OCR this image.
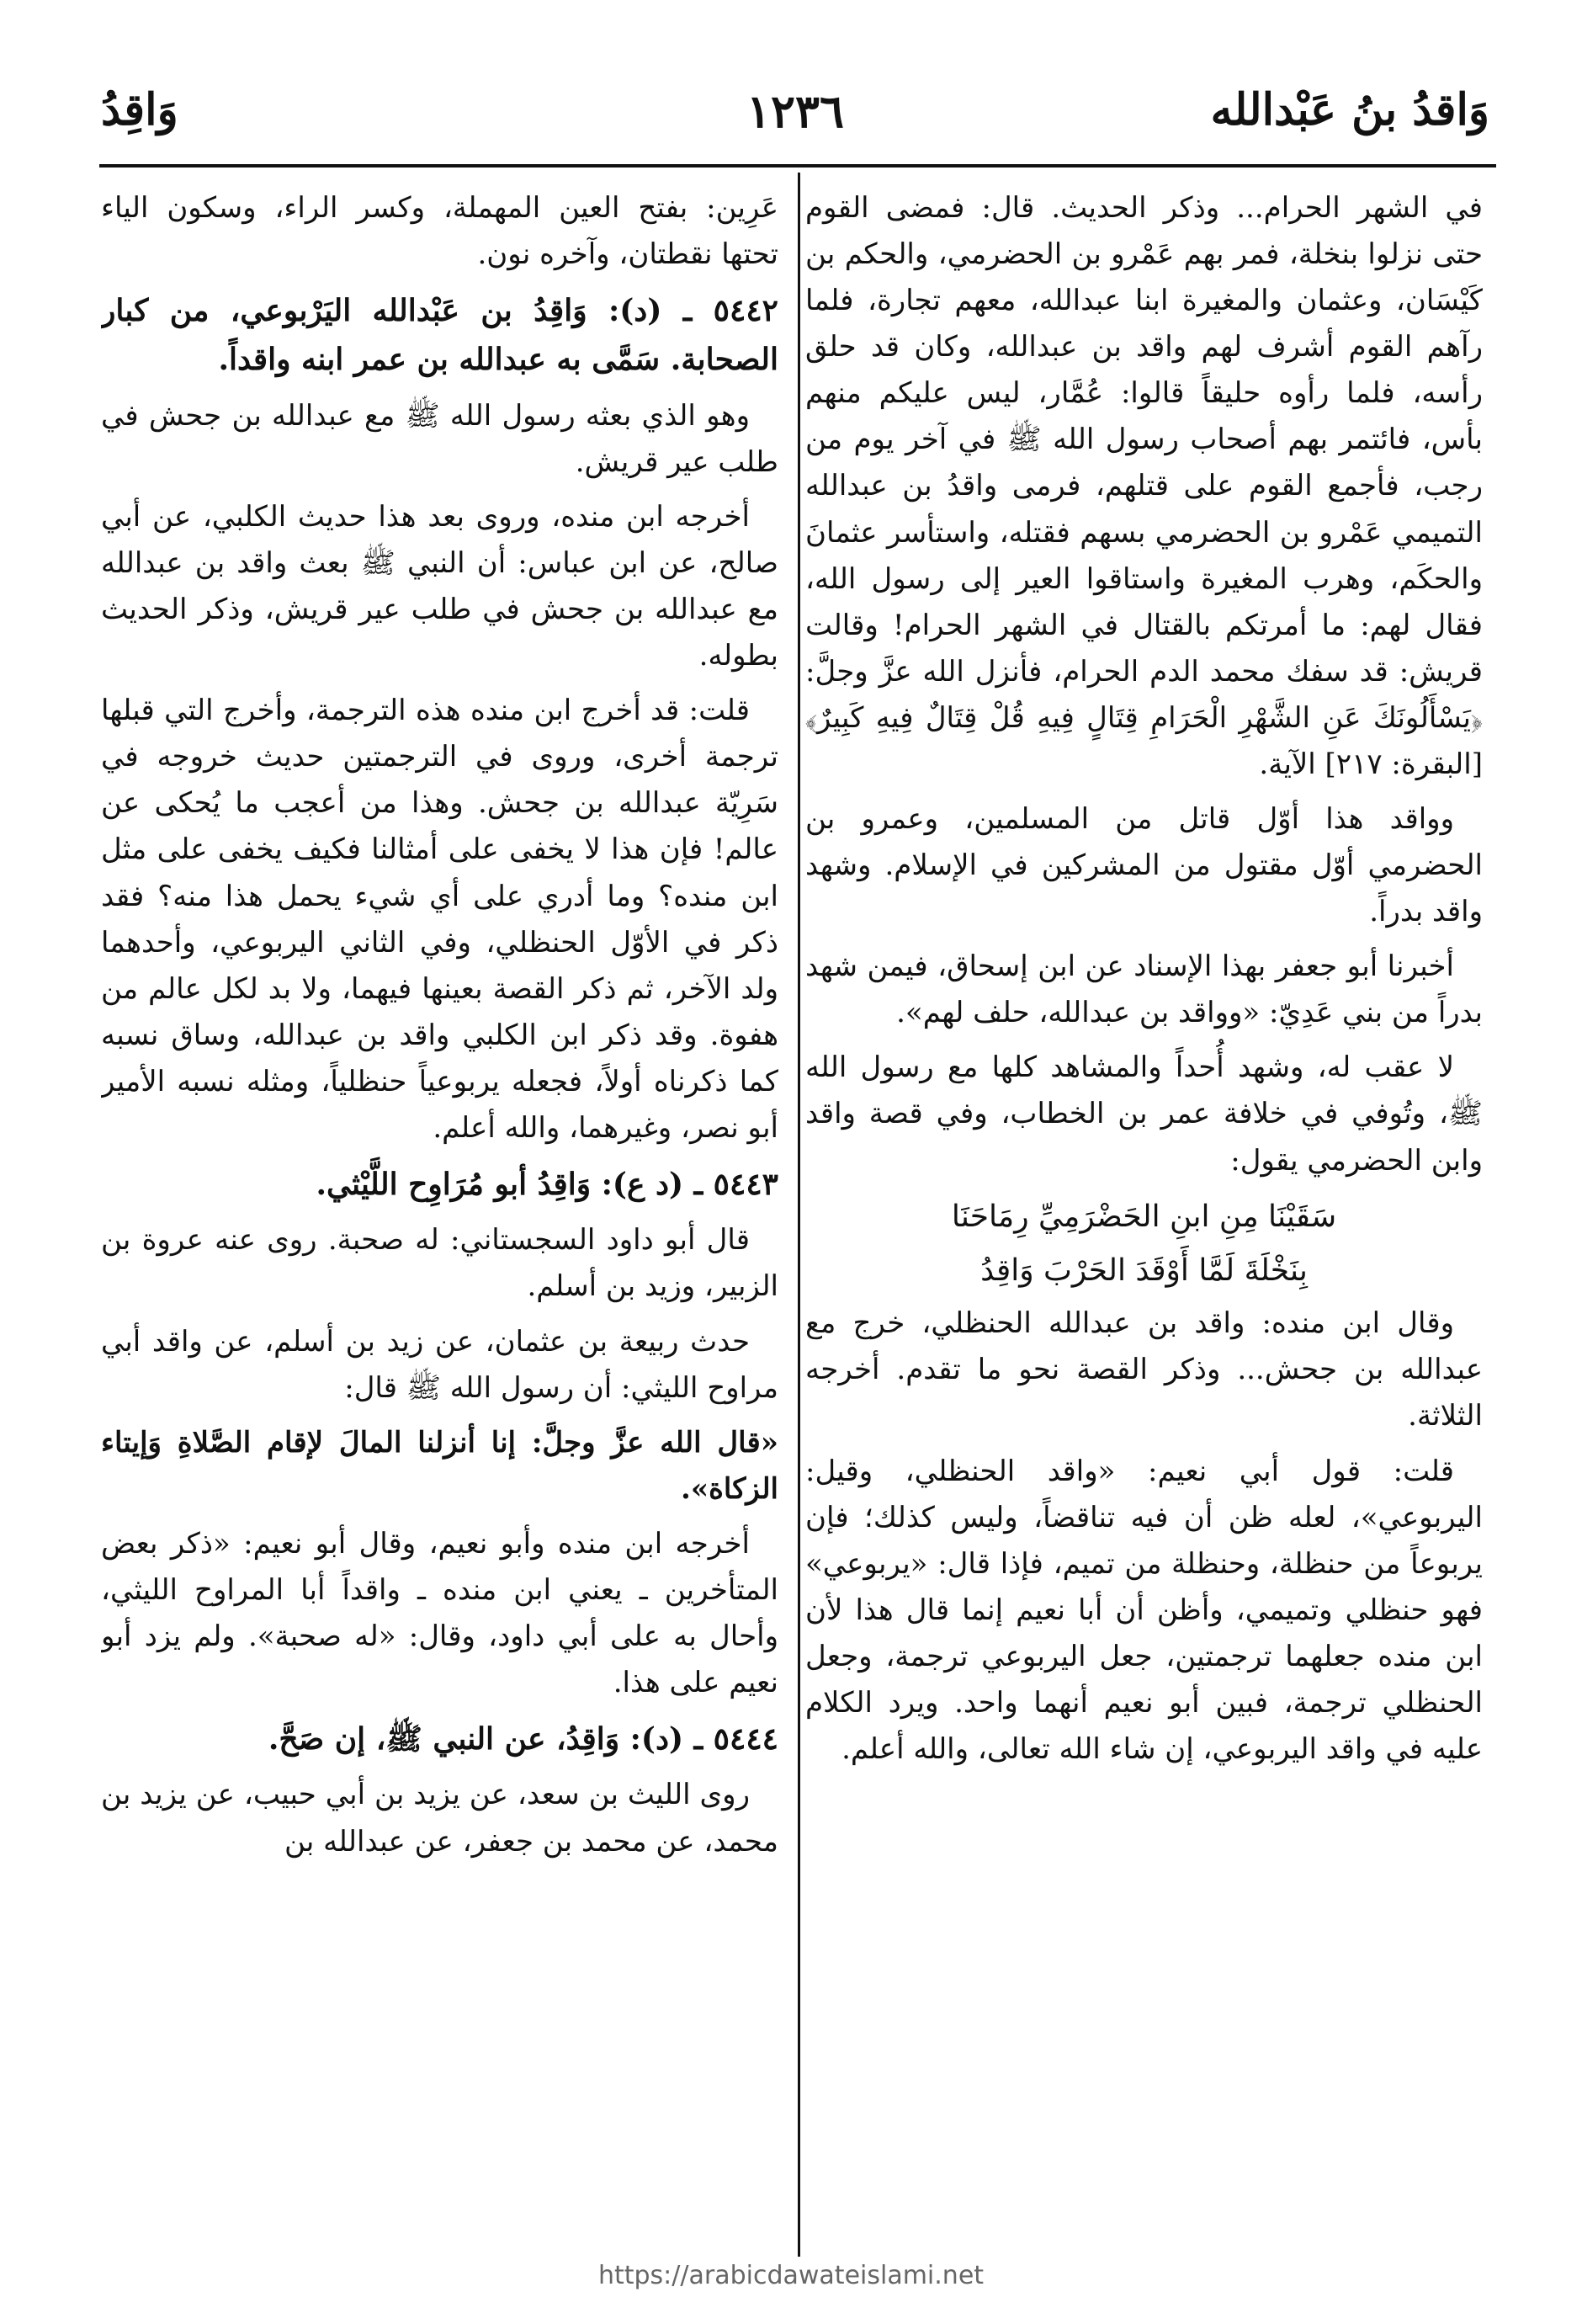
وَاقدُ بنُ عَبْدالله
١٢٣٦
وَاقِدُ

في الشهر الحرام... وذكر الحديث. قال: فمضى القوم حتى نزلوا بنخلة، فمر بهم عَمْرو بن الحضرمي، والحكم بن كَيْسَان، وعثمان والمغيرة ابنا عبدالله، معهم تجارة، فلما رآهم القوم أشرف لهم واقد بن عبدالله، وكان قد حلق رأسه، فلما رأوه حليقاً قالوا: عُمَّار، ليس عليكم منهم بأس، فائتمر بهم أصحاب رسول الله ﷺ في آخر يوم من رجب، فأجمع القوم على قتلهم، فرمى واقدُ بن عبدالله التميمي عَمْرو بن الحضرمي بسهم فقتله، واستأسر عثمانَ والحكَم، وهرب المغيرة واستاقوا العير إلى رسول الله، فقال لهم: ما أمرتكم بالقتال في الشهر الحرام! وقالت قريش: قد سفك محمد الدم الحرام، فأنزل الله عزَّ وجلَّ: ﴿يَسْأَلُونَكَ عَنِ الشَّهْرِ الْحَرَامِ قِتَالٍ فِيهِ قُلْ قِتَالٌ فِيهِ كَبِيرٌ﴾ [البقرة: ٢١٧] الآية.

وواقد هذا أوّل قاتل من المسلمين، وعمرو بن الحضرمي أوّل مقتول من المشركين في الإسلام. وشهد واقد بدراً.

أخبرنا أبو جعفر بهذا الإسناد عن ابن إسحاق، فيمن شهد بدراً من بني عَدِيّ: «وواقد بن عبدالله، حلف لهم».

لا عقب له، وشهد أُحداً والمشاهد كلها مع رسول الله ﷺ، وتُوفي في خلافة عمر بن الخطاب، وفي قصة واقد وابن الحضرمي يقول:

سَقَيْنَا مِنِ ابنِ الحَضْرَمِيِّ رِمَاحَنَا

بِنَخْلَةَ لَمَّا أَوْقَدَ الحَرْبَ وَاقِدُ

وقال ابن منده: واقد بن عبدالله الحنظلي، خرج مع عبدالله بن جحش... وذكر القصة نحو ما تقدم. أخرجه الثلاثة.

قلت: قول أبي نعيم: «واقد الحنظلي، وقيل: اليربوعي»، لعله ظن أن فيه تناقضاً، وليس كذلك؛ فإن يربوعاً من حنظلة، وحنظلة من تميم، فإذا قال: «يربوعي» فهو حنظلي وتميمي، وأظن أن أبا نعيم إنما قال هذا لأن ابن منده جعلهما ترجمتين، جعل اليربوعي ترجمة، وجعل الحنظلي ترجمة، فبين أبو نعيم أنهما واحد. ويرد الكلام عليه في واقد اليربوعي، إن شاء الله تعالى، والله أعلم.

عَرِين: بفتح العين المهملة، وكسر الراء، وسكون الياء تحتها نقطتان، وآخره نون.

٥٤٤٢ ـ (د): وَاقِدُ بن عَبْدالله اليَرْبوعي، من كبار الصحابة. سَمَّى به عبدالله بن عمر ابنه واقداً.

وهو الذي بعثه رسول الله ﷺ مع عبدالله بن جحش في طلب عير قريش.

أخرجه ابن منده، وروى بعد هذا حديث الكلبي، عن أبي صالح، عن ابن عباس: أن النبي ﷺ بعث واقد بن عبدالله مع عبدالله بن جحش في طلب عير قريش، وذكر الحديث بطوله.

قلت: قد أخرج ابن منده هذه الترجمة، وأخرج التي قبلها ترجمة أخرى، وروى في الترجمتين حديث خروجه في سَرِيّة عبدالله بن جحش. وهذا من أعجب ما يُحكى عن عالم! فإن هذا لا يخفى على أمثالنا فكيف يخفى على مثل ابن منده؟ وما أدري على أي شيء يحمل هذا منه؟ فقد ذكر في الأوّل الحنظلي، وفي الثاني اليربوعي، وأحدهما ولد الآخر، ثم ذكر القصة بعينها فيهما، ولا بد لكل عالم من هفوة. وقد ذكر ابن الكلبي واقد بن عبدالله، وساق نسبه كما ذكرناه أولاً، فجعله يربوعياً حنظلياً، ومثله نسبه الأمير أبو نصر، وغيرهما، والله أعلم.

٥٤٤٣ ـ (د ع): وَاقِدُ أبو مُرَاوِح اللَّيْثي.

قال أبو داود السجستاني: له صحبة. روى عنه عروة بن الزبير، وزيد بن أسلم.

حدث ربيعة بن عثمان، عن زيد بن أسلم، عن واقد أبي مراوح الليثي: أن رسول الله ﷺ قال:

«قال الله عزَّ وجلَّ: إنا أنزلنا المالَ لإقام الصَّلاةِ وَإيتاء الزكاة».

أخرجه ابن منده وأبو نعيم، وقال أبو نعيم: «ذكر بعض المتأخرين ـ يعني ابن منده ـ واقداً أبا المراوح الليثي، وأحال به على أبي داود، وقال: «له صحبة». ولم يزد أبو نعيم على هذا.

٥٤٤٤ ـ (د): وَاقِدُ، عن النبي ﷺ، إن صَحَّ.

روى الليث بن سعد، عن يزيد بن أبي حبيب، عن يزيد بن محمد، عن محمد بن جعفر، عن عبدالله بن

https://arabicdawateislami.net
